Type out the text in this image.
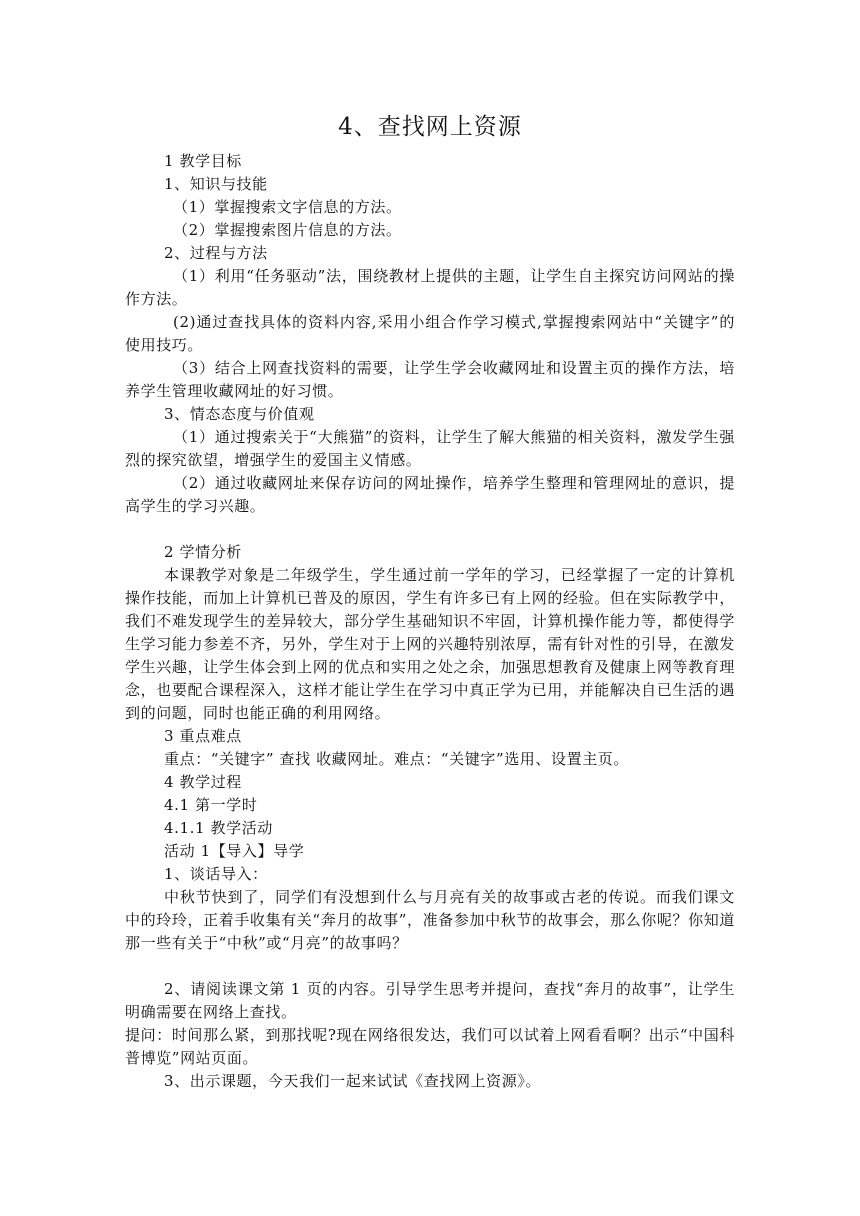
4、查找网上资源

1 教学目标

1、知识与技能

（1）掌握搜索文字信息的方法。

（2）掌握搜索图片信息的方法。

2、过程与方法

（1）利用“任务驱动”法，围绕教材上提供的主题，让学生自主探究访问网站的操作方法。

(2)通过查找具体的资料内容,采用小组合作学习模式,掌握搜索网站中“关键字”的使用技巧。

（3）结合上网查找资料的需要，让学生学会收藏网址和设置主页的操作方法，培养学生管理收藏网址的好习惯。

3、情态态度与价值观

（1）通过搜索关于“大熊猫”的资料，让学生了解大熊猫的相关资料，激发学生强烈的探究欲望，增强学生的爱国主义情感。

（2）通过收藏网址来保存访问的网址操作，培养学生整理和管理网址的意识，提高学生的学习兴趣。

2 学情分析

本课教学对象是二年级学生，学生通过前一学年的学习，已经掌握了一定的计算机操作技能，而加上计算机已普及的原因，学生有许多已有上网的经验。但在实际教学中，我们不难发现学生的差异较大，部分学生基础知识不牢固，计算机操作能力等，都使得学生学习能力参差不齐，另外，学生对于上网的兴趣特别浓厚，需有针对性的引导，在激发学生兴趣，让学生体会到上网的优点和实用之处之余，加强思想教育及健康上网等教育理念，也要配合课程深入，这样才能让学生在学习中真正学为已用，并能解决自已生活的遇到的问题，同时也能正确的利用网络。

3 重点难点

重点：“关键字” 查找 收藏网址。难点：“关键字”选用、设置主页。

4 教学过程

4.1 第一学时

4.1.1 教学活动

活动 1【导入】导学

1、谈话导入：

中秋节快到了，同学们有没想到什么与月亮有关的故事或古老的传说。而我们课文中的玲玲，正着手收集有关“奔月的故事”，准备参加中秋节的故事会，那么你呢？你知道那一些有关于“中秋”或“月亮”的故事吗？

2、请阅读课文第 1 页的内容。引导学生思考并提问，查找“奔月的故事”，让学生明确需要在网络上查找。

提问：时间那么紧，到那找呢?现在网络很发达，我们可以试着上网看看啊？出示“中国科普博览”网站页面。

3、出示课题，今天我们一起来试试《查找网上资源》。
